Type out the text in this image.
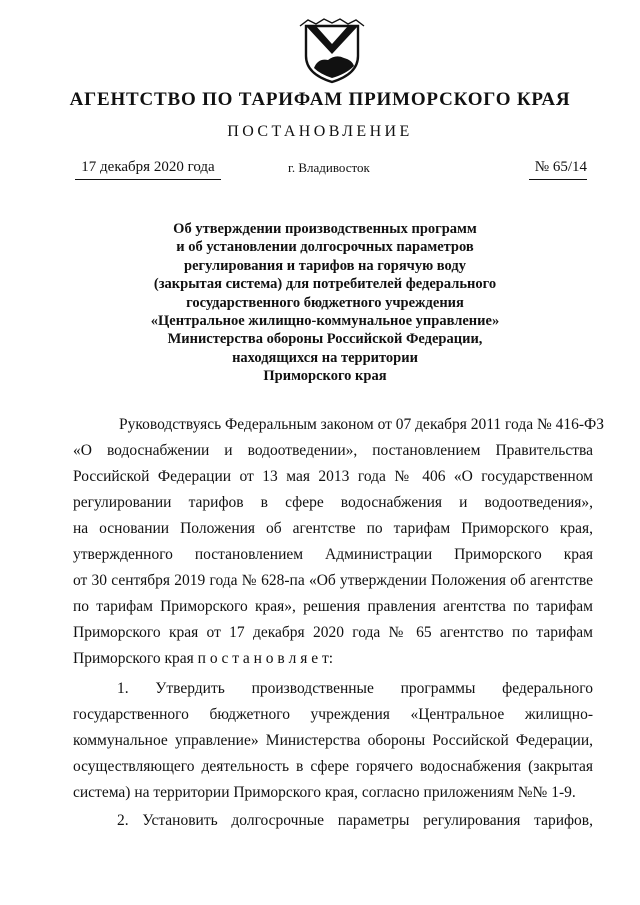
АГЕНТСТВО ПО ТАРИФАМ ПРИМОРСКОГО КРАЯ
ПОСТАНОВЛЕНИЕ
17 декабря 2020 года	г. Владивосток	№ 65/14
Об утверждении производственных программ
и об установлении долгосрочных параметров
регулирования и тарифов на горячую воду
(закрытая система) для потребителей федерального
государственного бюджетного учреждения
«Центральное жилищно-коммунальное управление»
Министерства обороны Российской Федерации,
находящихся на территории
Приморского края
Руководствуясь Федеральным законом от 07 декабря 2011 года № 416-ФЗ
«О водоснабжении и водоотведении», постановлением Правительства
Российской Федерации от 13 мая 2013 года № 406 «О государственном
регулировании тарифов в сфере водоснабжения и водоотведения»,
на основании Положения об агентстве по тарифам Приморского края,
утвержденного постановлением Администрации Приморского края
от 30 сентября 2019 года № 628-па «Об утверждении Положения об агентстве
по тарифам Приморского края», решения правления агентства по тарифам
Приморского края от 17 декабря 2020 года № 65 агентство по тарифам
Приморского края п о с т а н о в л я е т:
1. Утвердить производственные программы федерального
государственного бюджетного учреждения «Центральное жилищно-
коммунальное управление» Министерства обороны Российской Федерации,
осуществляющего деятельность в сфере горячего водоснабжения (закрытая
система) на территории Приморского края, согласно приложениям №№ 1-9.
2. Установить долгосрочные параметры регулирования тарифов,
